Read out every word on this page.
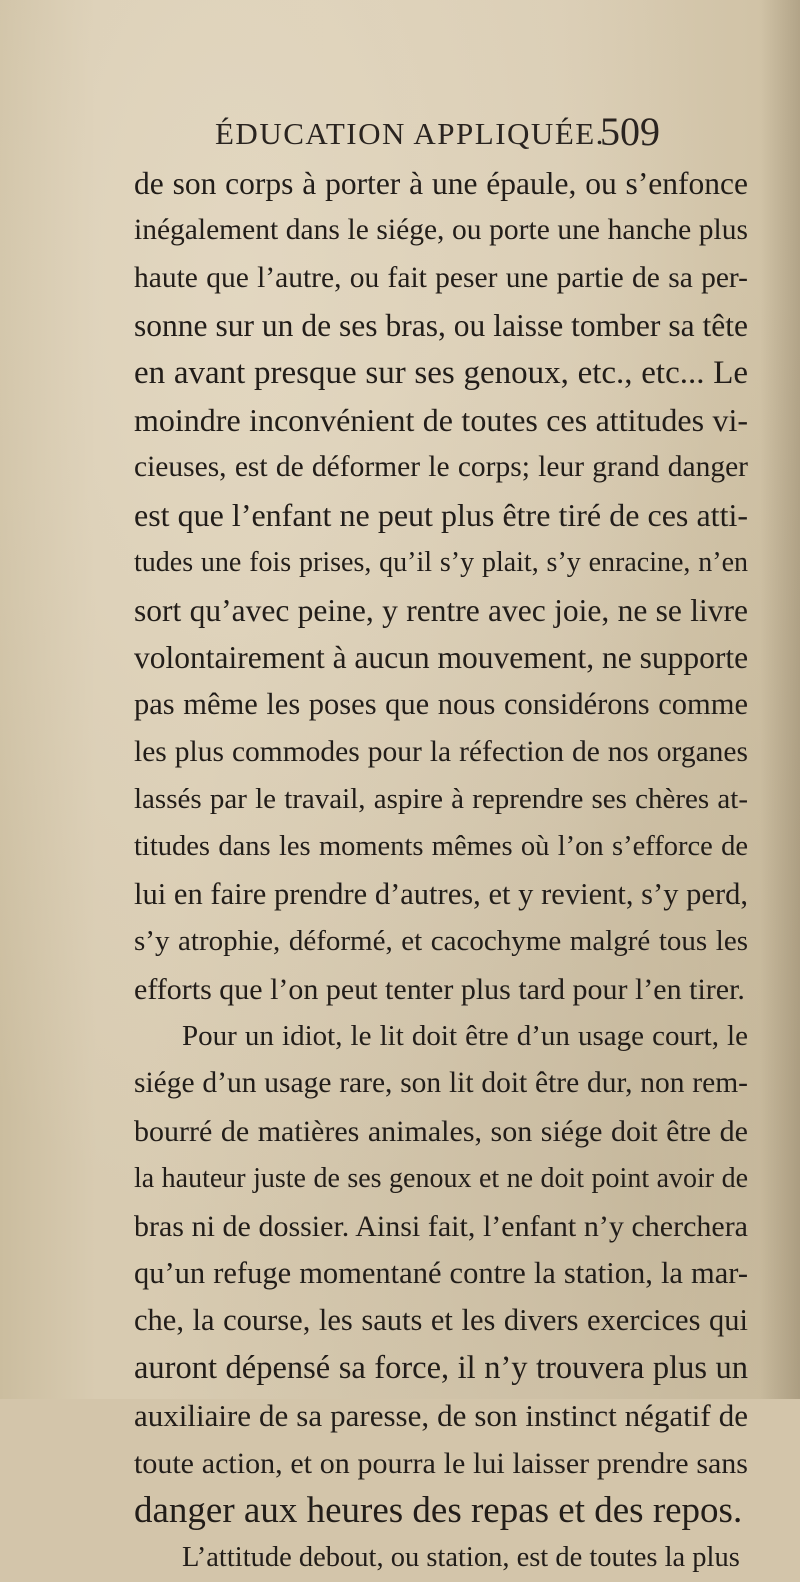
ÉDUCATION APPLIQUÉE.
509
de son corps à porter à une épaule, ou s’enfonce
inégalement dans le siége, ou porte une hanche plus
haute que l’autre, ou fait peser une partie de sa per-
sonne sur un de ses bras, ou laisse tomber sa tête
en avant presque sur ses genoux, etc., etc... Le
moindre inconvénient de toutes ces attitudes vi-
cieuses, est de déformer le corps; leur grand danger
est que l’enfant ne peut plus être tiré de ces atti-
tudes une fois prises, qu’il s’y plait, s’y enracine, n’en
sort qu’avec peine, y rentre avec joie, ne se livre
volontairement à aucun mouvement, ne supporte
pas même les poses que nous considérons comme
les plus commodes pour la réfection de nos organes
lassés par le travail, aspire à reprendre ses chères at-
titudes dans les moments mêmes où l’on s’efforce de
lui en faire prendre d’autres, et y revient, s’y perd,
s’y atrophie, déformé, et cacochyme malgré tous les
efforts que l’on peut tenter plus tard pour l’en tirer.
Pour un idiot, le lit doit être d’un usage court, le
siége d’un usage rare, son lit doit être dur, non rem-
bourré de matières animales, son siége doit être de
la hauteur juste de ses genoux et ne doit point avoir de
bras ni de dossier. Ainsi fait, l’enfant n’y cherchera
qu’un refuge momentané contre la station, la mar-
che, la course, les sauts et les divers exercices qui
auront dépensé sa force, il n’y trouvera plus un
auxiliaire de sa paresse, de son instinct négatif de
toute action, et on pourra le lui laisser prendre sans
danger aux heures des repas et des repos.
L’attitude debout, ou station, est de toutes la plus
